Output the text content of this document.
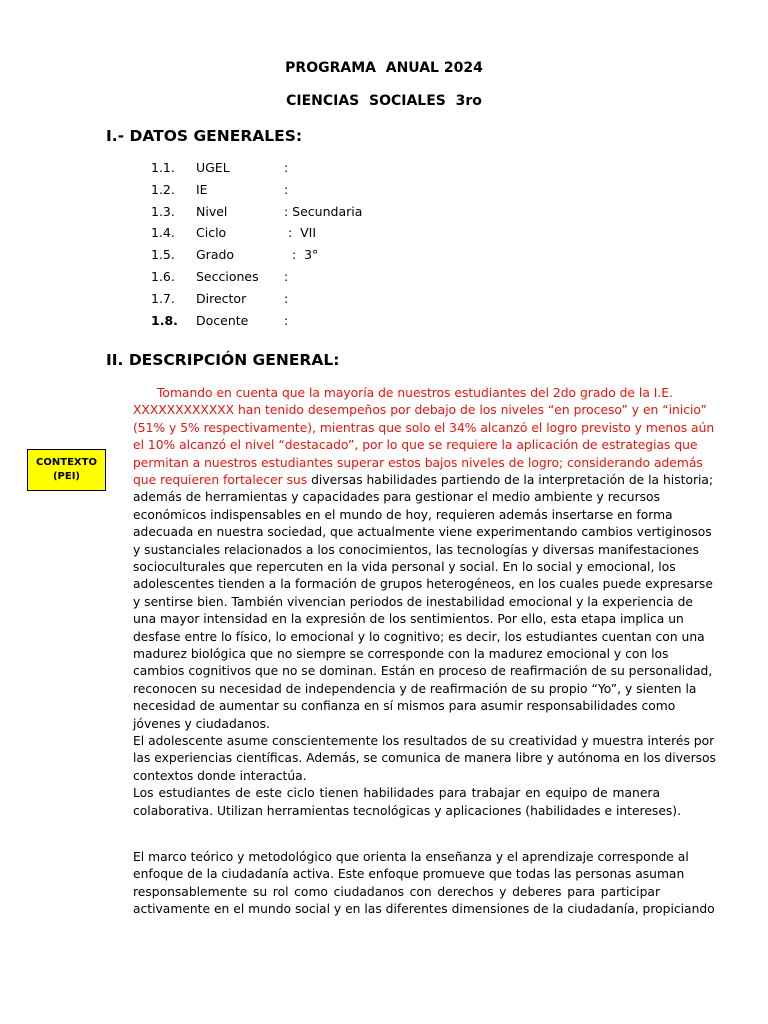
PROGRAMA  ANUAL 2024
CIENCIAS  SOCIALES  3ro
I.- DATOS GENERALES:
1.1. UGEL	:
1.2. IE	:
1.3. Nivel	: Secundaria
1.4. Ciclo	:  VII
1.5. Grado	:  3°
1.6. Secciones :
1.7. Director	:
1.8. Docente	:
II. DESCRIPCIÓN GENERAL:
CONTEXTO
(PEI)
Tomando en cuenta que la mayoría de nuestros estudiantes del 2do grado de la I.E.
XXXXXXXXXXXX han tenido desempeños por debajo de los niveles “en proceso” y en “inicio”
(51% y 5% respectivamente), mientras que solo el 34% alcanzó el logro previsto y menos aún
el 10% alcanzó el nivel “destacado”, por lo que se requiere la aplicación de estrategias que
permitan a nuestros estudiantes superar estos bajos niveles de logro; considerando además
que requieren fortalecer sus diversas habilidades partiendo de la interpretación de la historia;
además de herramientas y capacidades para gestionar el medio ambiente y recursos
económicos indispensables en el mundo de hoy, requieren además insertarse en forma
adecuada en nuestra sociedad, que actualmente viene experimentando cambios vertiginosos
y sustanciales relacionados a los conocimientos, las tecnologías y diversas manifestaciones
socioculturales que repercuten en la vida personal y social. En lo social y emocional, los
adolescentes tienden a la formación de grupos heterogéneos, en los cuales puede expresarse
y sentirse bien. También vivencian periodos de inestabilidad emocional y la experiencia de
una mayor intensidad en la expresión de los sentimientos. Por ello, esta etapa implica un
desfase entre lo físico, lo emocional y lo cognitivo; es decir, los estudiantes cuentan con una
madurez biológica que no siempre se corresponde con la madurez emocional y con los
cambios cognitivos que no se dominan. Están en proceso de reafirmación de su personalidad,
reconocen su necesidad de independencia y de reafirmación de su propio “Yo”, y sienten la
necesidad de aumentar su confianza en sí mismos para asumir responsabilidades como
jóvenes y ciudadanos.
El adolescente asume conscientemente los resultados de su creatividad y muestra interés por
las experiencias científicas. Además, se comunica de manera libre y autónoma en los diversos
contextos donde interactúa.
Los estudiantes de este ciclo tienen habilidades para trabajar en equipo de manera
colaborativa. Utilizan herramientas tecnológicas y aplicaciones (habilidades e intereses).
El marco teórico y metodológico que orienta la enseñanza y el aprendizaje corresponde al
enfoque de la ciudadanía activa. Este enfoque promueve que todas las personas asuman
responsablemente su rol como ciudadanos con derechos y deberes para participar
activamente en el mundo social y en las diferentes dimensiones de la ciudadanía, propiciando
